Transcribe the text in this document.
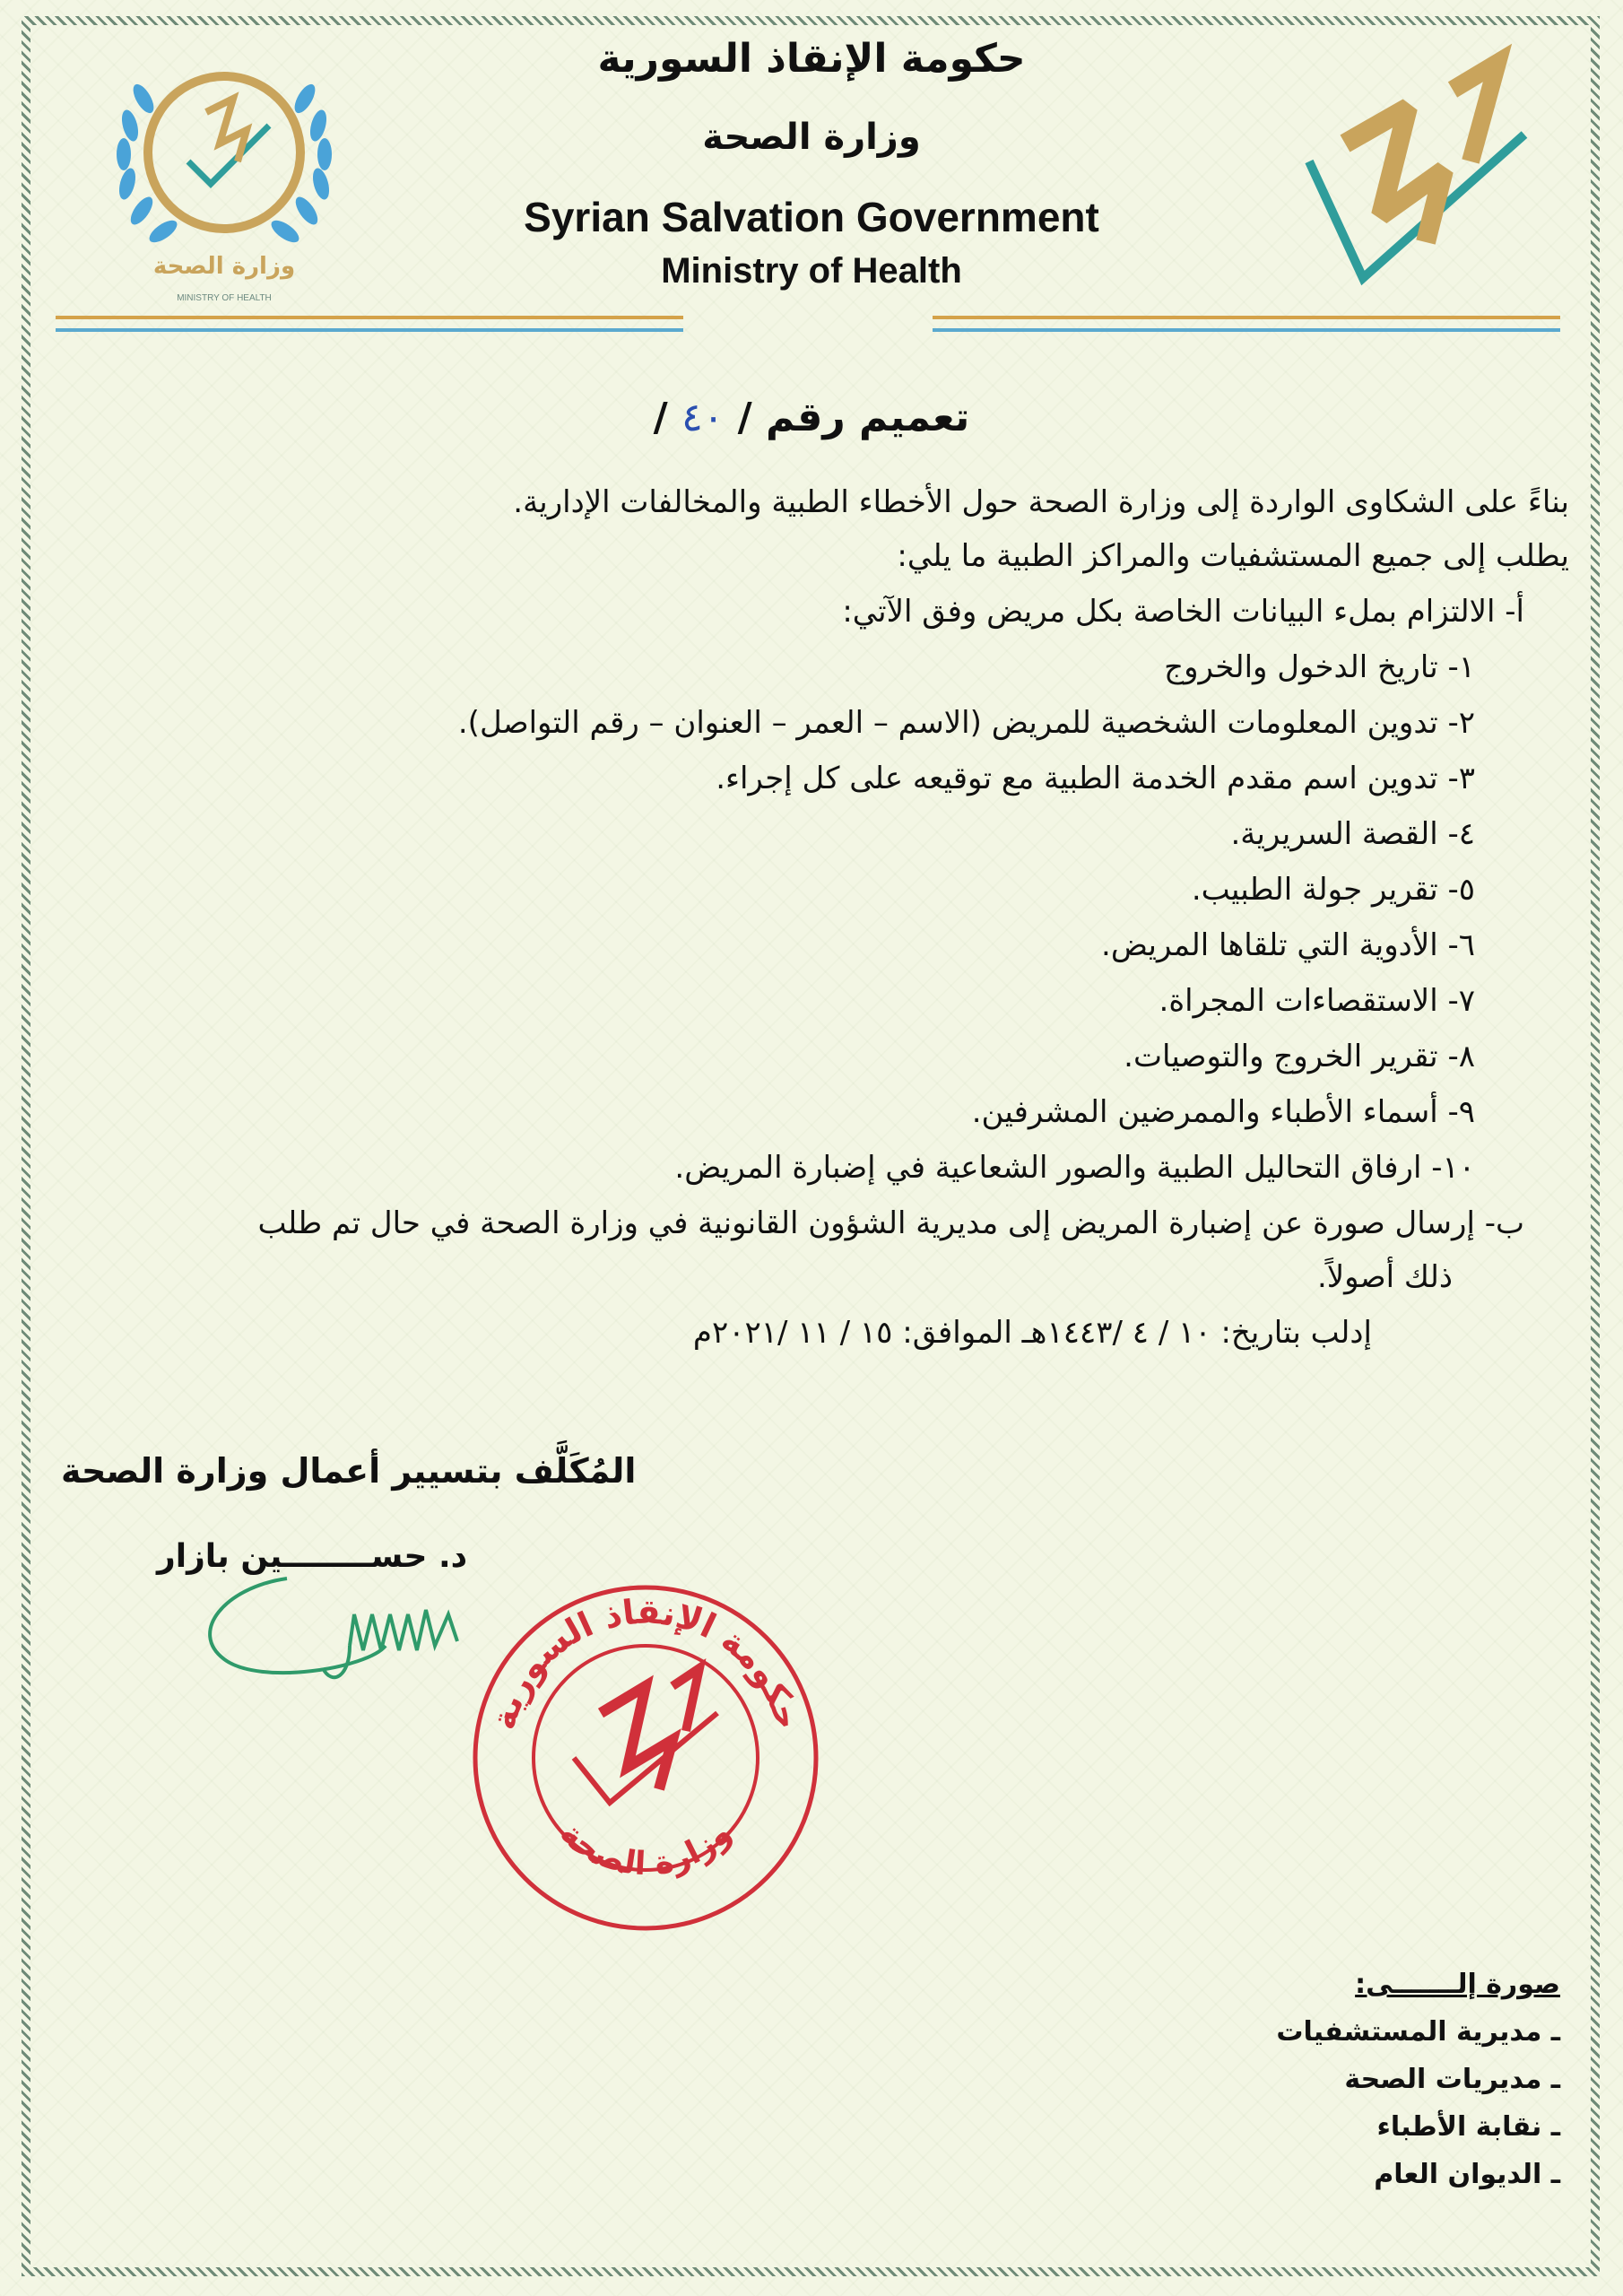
وزارة الصحة
MINISTRY OF HEALTH
حكومة الإنقاذ السورية
وزارة الصحة
Syrian Salvation Government
Ministry of Health
تعميم رقم / ٤٠ /
بناءً على الشكاوى الواردة إلى وزارة الصحة حول الأخطاء الطبية والمخالفات الإدارية.
يطلب إلى جميع المستشفيات والمراكز الطبية ما يلي:
أ- الالتزام بملء البيانات الخاصة بكل مريض وفق الآتي:
١- تاريخ الدخول والخروج
٢- تدوين المعلومات الشخصية للمريض (الاسم – العمر – العنوان – رقم التواصل).
٣- تدوين اسم مقدم الخدمة الطبية مع توقيعه على كل إجراء.
٤- القصة السريرية.
٥- تقرير جولة الطبيب.
٦- الأدوية التي تلقاها المريض.
٧- الاستقصاءات المجراة.
٨- تقرير الخروج والتوصيات.
٩- أسماء الأطباء والممرضين المشرفين.
١٠- ارفاق التحاليل الطبية والصور الشعاعية في إضبارة المريض.
ب- إرسال صورة عن إضبارة المريض إلى مديرية الشؤون القانونية في وزارة الصحة في حال تم طلب
ذلك أصولاً.
إدلب بتاريخ: ١٠ / ٤ /١٤٤٣هـ الموافق: ١٥ / ١١ /٢٠٢١م
المُكَلَّف بتسيير أعمال وزارة الصحة
د. حســــــــين بازار
حكومة الإنقاذ السورية
وزارة الصحة
صورة إلـــــــى:
ـ مديرية المستشفيات
ـ مديريات الصحة
ـ نقابة الأطباء
ـ الديوان العام
